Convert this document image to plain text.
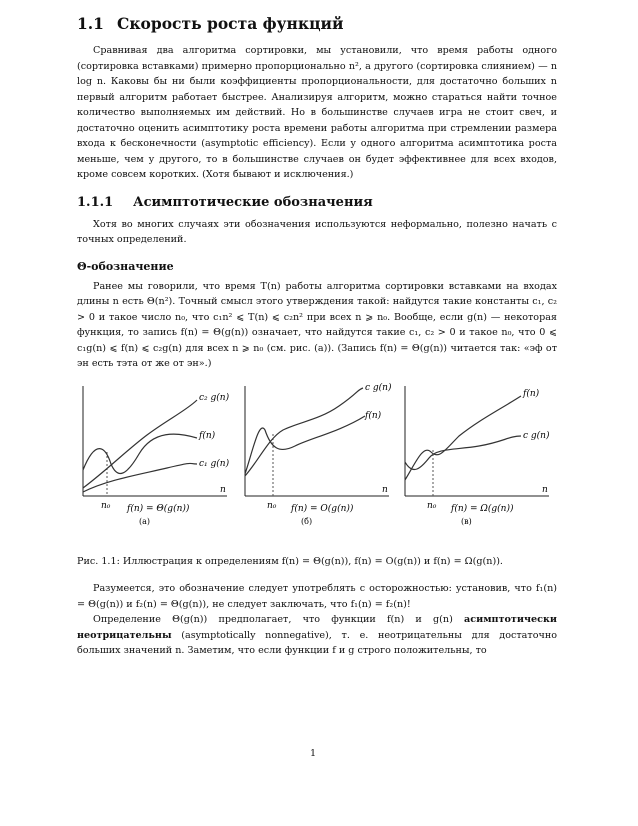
1.1 Скорость роста функций

Сравнивая два алгоритма сортировки, мы установили, что время работы одного (сортировка вставками) примерно пропорционально n², а другого (сортировка слиянием) — n log n. Каковы бы ни были коэффициенты пропорциональности, для достаточно больших n первый алгоритм работает быстрее. Анализируя алгоритм, можно стараться найти точное количество выполняемых им действий. Но в большинстве случаев игра не стоит свеч, и достаточно оценить асимптотику роста времени работы алгоритма при стремлении размера входа к бесконечности (asymptotic efficiency). Если у одного алгоритма асимптотика роста меньше, чем у другого, то в большинстве случаев он будет эффективнее для всех входов, кроме совсем коротких. (Хотя бывают и исключения.)

1.1.1 Асимптотические обозначения

Хотя во многих случаях эти обозначения используются неформально, полезно начать с точных определений.

Θ-обозначение

Ранее мы говорили, что время T(n) работы алгоритма сортировки вставками на входах длины n есть Θ(n²). Точный смысл этого утверждения такой: найдутся такие константы c₁, c₂ > 0 и такое число n₀, что c₁n² ⩽ T(n) ⩽ c₂n² при всех n ⩾ n₀. Вообще, если g(n) — некоторая функция, то запись f(n) = Θ(g(n)) означает, что найдутся такие c₁, c₂ > 0 и такое n₀, что 0 ⩽ c₁g(n) ⩽ f(n) ⩽ c₂g(n) для всех n ⩾ n₀ (см. рис. (а)). (Запись f(n) = Θ(g(n)) читается так: «эф от эн есть тэта от же от эн».)

c₂ g(n)
f(n)
c₁ g(n)
n
n₀ f(n) = Θ(g(n))
(а)
c g(n)
f(n)
n
n₀ f(n) = O(g(n))
(б)
f(n)
c g(n)
n
n₀ f(n) = Ω(g(n))
(в)
Рис. 1.1: Иллюстрация к определениям f(n) = Θ(g(n)), f(n) = O(g(n)) и f(n) = Ω(g(n)).

Разумеется, это обозначение следует употреблять с осторожностью: установив, что f₁(n) = Θ(g(n)) и f₂(n) = Θ(g(n)), не следует заключать, что f₁(n) = f₂(n)!

Определение Θ(g(n)) предполагает, что функции f(n) и g(n) асимптотически неотрицательны (asymptotically nonnegative), т. е. неотрицательны для достаточно больших значений n. Заметим, что если функции f и g строго положительны, то

1
